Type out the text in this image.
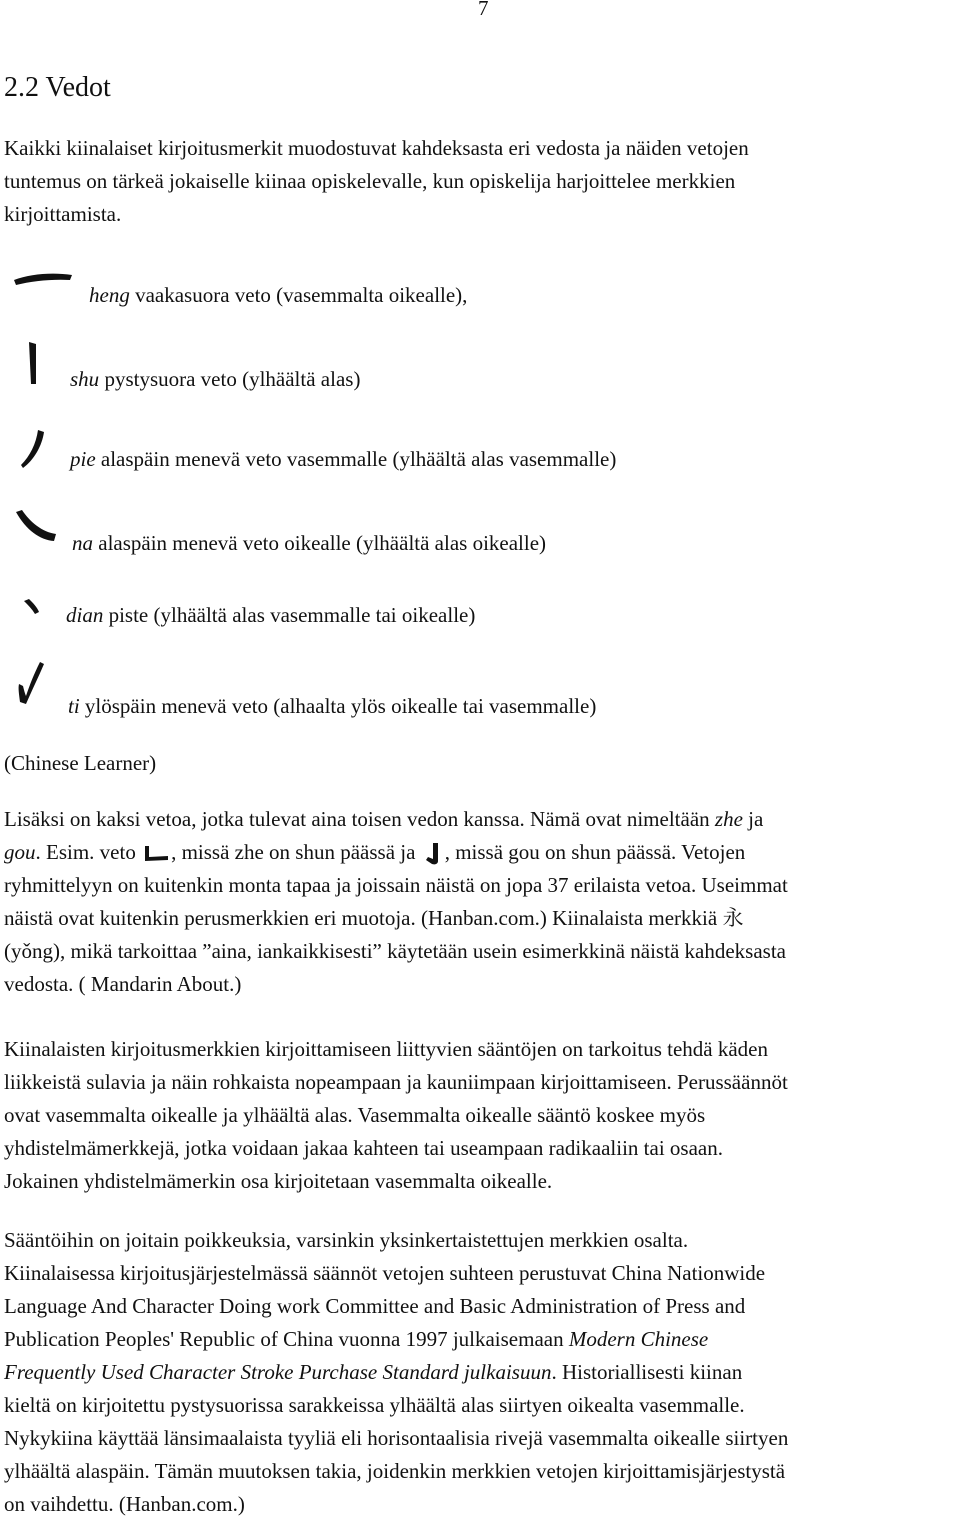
7
2.2 Vedot
Kaikki kiinalaiset kirjoitusmerkit muodostuvat kahdeksasta eri vedosta ja näiden vetojen
tuntemus on tärkeä jokaiselle kiinaa opiskelevalle, kun opiskelija harjoittelee merkkien
kirjoittamista.
heng vaakasuora veto (vasemmalta oikealle),
shu pystysuora veto (ylhäältä alas)
pie alaspäin menevä veto vasemmalle (ylhäältä alas vasemmalle)
na alaspäin menevä veto oikealle (ylhäältä alas oikealle)
dian piste (ylhäältä alas vasemmalle tai oikealle)
ti ylöspäin menevä veto (alhaalta ylös oikealle tai vasemmalle)
(Chinese Learner)
Lisäksi on kaksi vetoa, jotka tulevat aina toisen vedon kanssa. Nämä ovat nimeltään zhe ja
gou. Esim. veto , missä zhe on shun päässä ja , missä gou on shun päässä. Vetojen
ryhmittelyyn on kuitenkin monta tapaa ja joissain näistä on jopa 37 erilaista vetoa. Useimmat
näistä ovat kuitenkin perusmerkkien eri muotoja. (Hanban.com.) Kiinalaista merkkiä 永
(yǒng), mikä tarkoittaa ”aina, iankaikkisesti” käytetään usein esimerkkinä näistä kahdeksasta
vedosta. ( Mandarin About.)
Kiinalaisten kirjoitusmerkkien kirjoittamiseen liittyvien sääntöjen on tarkoitus tehdä käden
liikkeistä sulavia ja näin rohkaista nopeampaan ja kauniimpaan kirjoittamiseen. Perussäännöt
ovat vasemmalta oikealle ja ylhäältä alas. Vasemmalta oikealle sääntö koskee myös
yhdistelmämerkkejä, jotka voidaan jakaa kahteen tai useampaan radikaaliin tai osaan.
Jokainen yhdistelmämerkin osa kirjoitetaan vasemmalta oikealle.
Sääntöihin on joitain poikkeuksia, varsinkin yksinkertaistettujen merkkien osalta.
Kiinalaisessa kirjoitusjärjestelmässä säännöt vetojen suhteen perustuvat China Nationwide
Language And Character Doing work Committee and Basic Administration of Press and
Publication Peoples' Republic of China vuonna 1997 julkaisemaan Modern Chinese
Frequently Used Character Stroke Purchase Standard julkaisuun. Historiallisesti kiinan
kieltä on kirjoitettu pystysuorissa sarakkeissa ylhäältä alas siirtyen oikealta vasemmalle.
Nykykiina käyttää länsimaalaista tyyliä eli horisontaalisia rivejä vasemmalta oikealle siirtyen
ylhäältä alaspäin. Tämän muutoksen takia, joidenkin merkkien vetojen kirjoittamisjärjestystä
on vaihdettu. (Hanban.com.)
